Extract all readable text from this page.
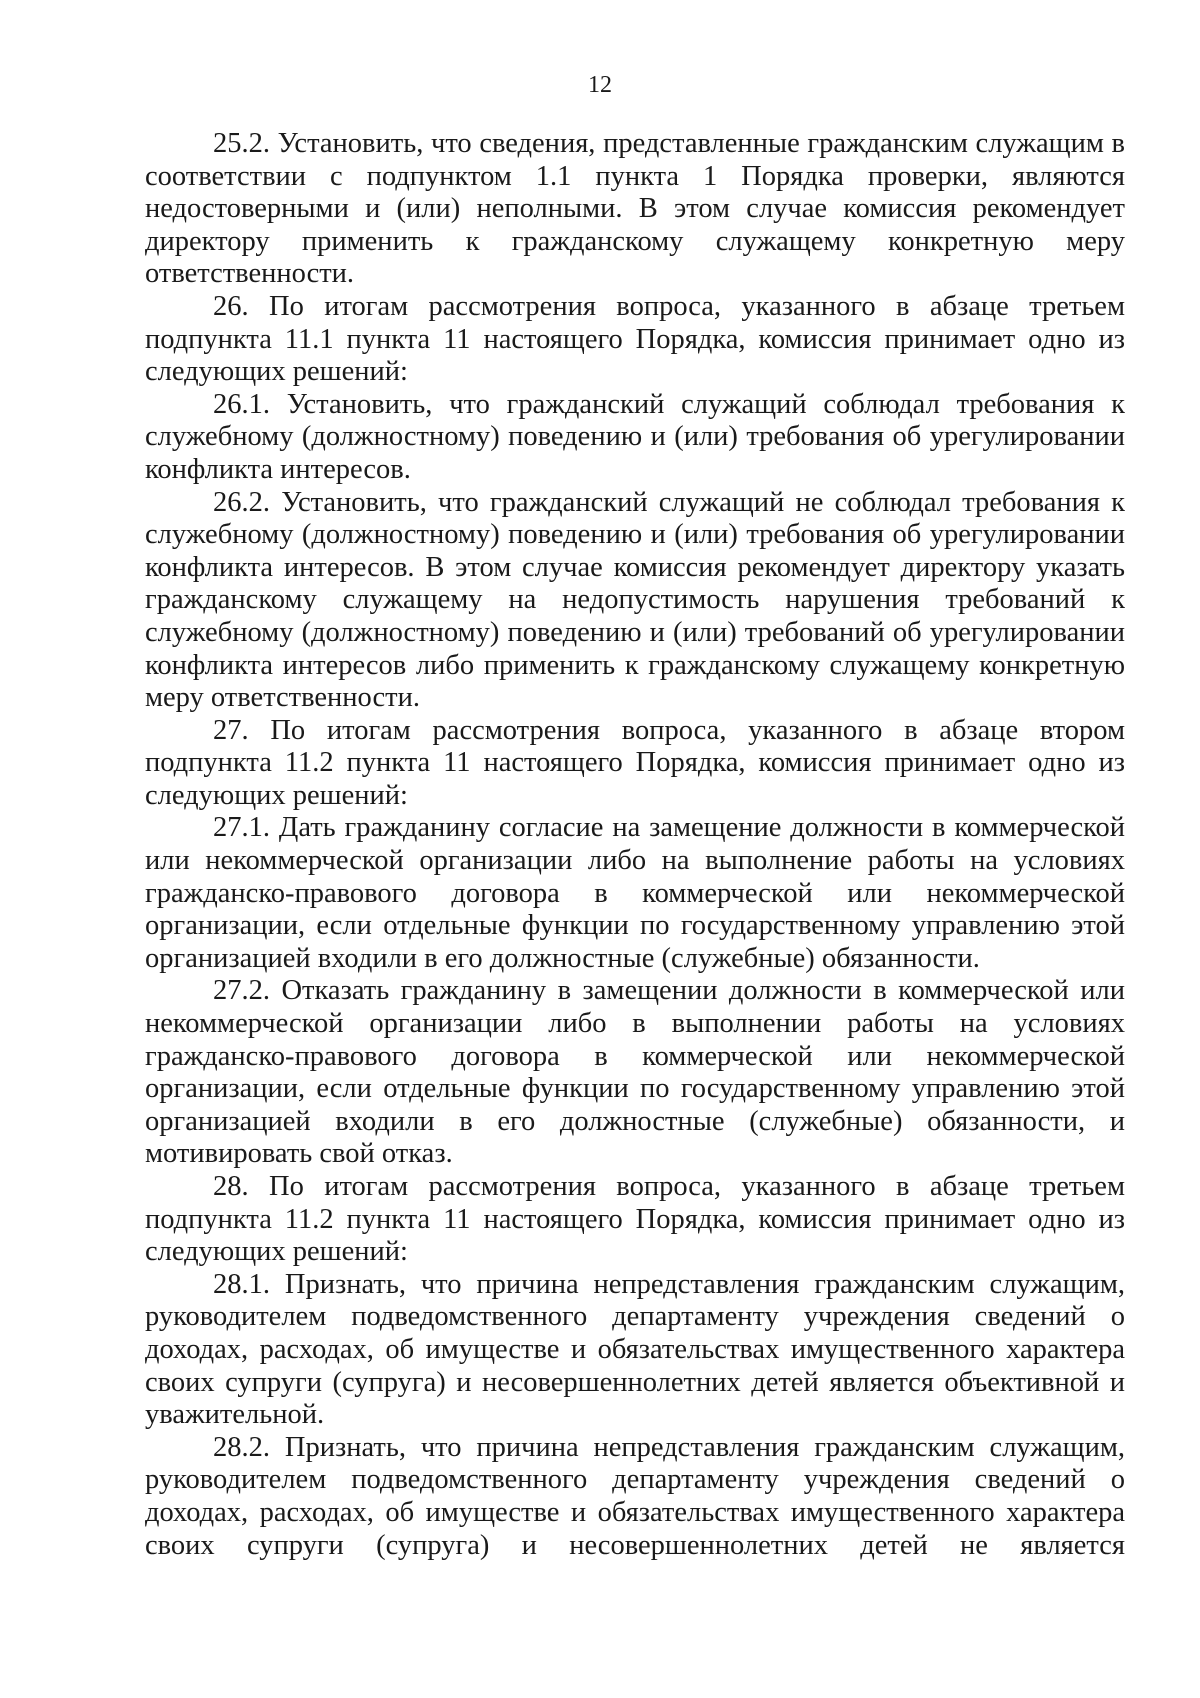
12

25.2. Установить, что сведения, представленные гражданским служащим в соответствии с подпунктом 1.1 пункта 1 Порядка проверки, являются недостоверными и (или) неполными. В этом случае комиссия рекомендует директору применить к гражданскому служащему конкретную меру ответственности.

26. По итогам рассмотрения вопроса, указанного в абзаце третьем подпункта 11.1 пункта 11 настоящего Порядка, комиссия принимает одно из следующих решений:

26.1. Установить, что гражданский служащий соблюдал требования к служебному (должностному) поведению и (или) требования об урегулировании конфликта интересов.

26.2. Установить, что гражданский служащий не соблюдал требования к служебному (должностному) поведению и (или) требования об урегулировании конфликта интересов. В этом случае комиссия рекомендует директору указать гражданскому служащему на недопустимость нарушения требований к служебному (должностному) поведению и (или) требований об урегулировании конфликта интересов либо применить к гражданскому служащему конкретную меру ответственности.

27. По итогам рассмотрения вопроса, указанного в абзаце втором подпункта 11.2 пункта 11 настоящего Порядка, комиссия принимает одно из следующих решений:

27.1. Дать гражданину согласие на замещение должности в коммерческой или некоммерческой организации либо на выполнение работы на условиях гражданско-правового договора в коммерческой или некоммерческой организации, если отдельные функции по государственному управлению этой организацией входили в его должностные (служебные) обязанности.

27.2. Отказать гражданину в замещении должности в коммерческой или некоммерческой организации либо в выполнении работы на условиях гражданско-правового договора в коммерческой или некоммерческой организации, если отдельные функции по государственному управлению этой организацией входили в его должностные (служебные) обязанности, и мотивировать свой отказ.

28. По итогам рассмотрения вопроса, указанного в абзаце третьем подпункта 11.2 пункта 11 настоящего Порядка, комиссия принимает одно из следующих решений:

28.1. Признать, что причина непредставления гражданским служащим, руководителем подведомственного департаменту учреждения сведений о доходах, расходах, об имуществе и обязательствах имущественного характера своих супруги (супруга) и несовершеннолетних детей является объективной и уважительной.

28.2. Признать, что причина непредставления гражданским служащим, руководителем подведомственного департаменту учреждения сведений о доходах, расходах, об имуществе и обязательствах имущественного характера своих супруги (супруга) и несовершеннолетних детей не является
